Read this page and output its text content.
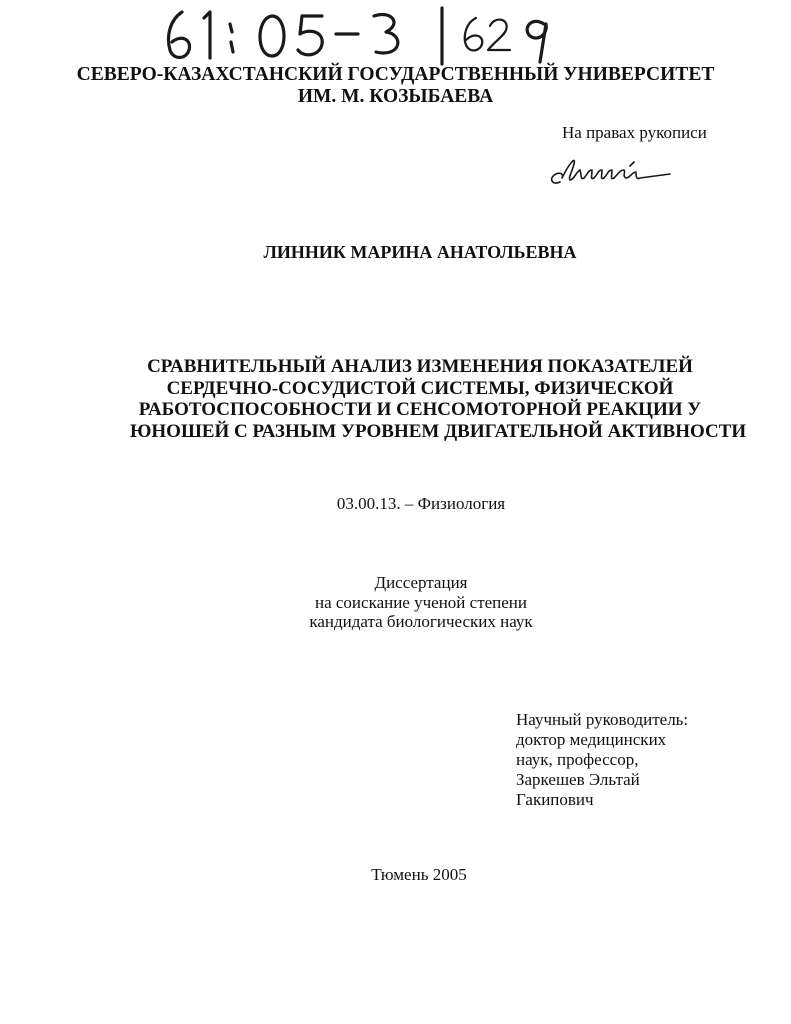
СЕВЕРО-КАЗАХСТАНСКИЙ ГОСУДАРСТВЕННЫЙ УНИВЕРСИТЕТ
ИМ. М. КОЗЫБАЕВА
На правах рукописи
ЛИННИК МАРИНА АНАТОЛЬЕВНА
СРАВНИТЕЛЬНЫЙ АНАЛИЗ ИЗМЕНЕНИЯ ПОКАЗАТЕЛЕЙ
СЕРДЕЧНО-СОСУДИСТОЙ СИСТЕМЫ, ФИЗИЧЕСКОЙ
РАБОТОСПОСОБНОСТИ И СЕНСОМОТОРНОЙ РЕАКЦИИ У
ЮНОШЕЙ С РАЗНЫМ УРОВНЕМ ДВИГАТЕЛЬНОЙ АКТИВНОСТИ
03.00.13. – Физиология
Диссертация
на соискание ученой степени
кандидата биологических наук
Научный руководитель:
доктор медицинских
наук, профессор,
Заркешев Эльтай
Гакипович
Тюмень 2005
